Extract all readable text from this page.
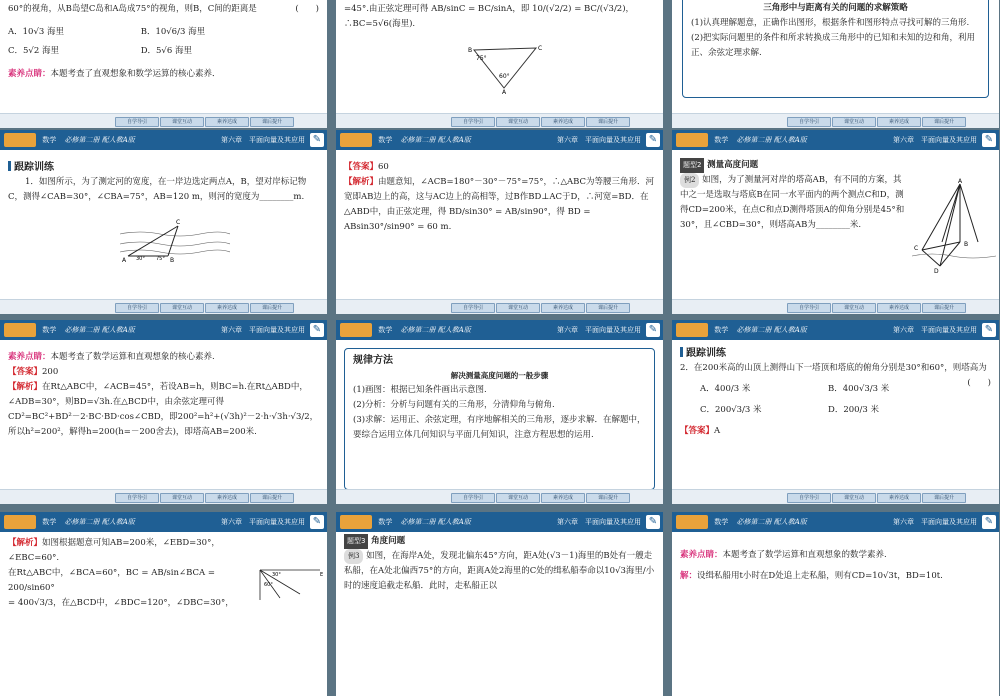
60°的视角，从B岛望C岛和A岛成75°的视角，则B，C间的距离是	(　　)
A．10√3 海里	B．10√6/3 海里
C．5√2 海里	D．5√6 海里
素养点睛：本题考查了直观想象和数学运算的核心素养．
自学导引	课堂互动	素养达成	课后提升
=45°.由正弦定理可得 AB/sinC = BC/sinA，即 10/(√2/2) = BC/(√3/2)，∴BC=5√6(海里).
B	C
A
75°
60°
自学导引	课堂互动	素养达成	课后提升
三角形中与距离有关的问题的求解策略
(1)认真理解题意，正确作出图形，根据条件和图形特点寻找可解的三角形.
(2)把实际问题里的条件和所求转换成三角形中的已知和未知的边和角，利用正、余弦定理求解.
自学导引	课堂互动	素养达成	课后提升
数学 必修第二册 配人教A版	第六章　平面向量及其应用 ✎
跟踪训练
1．如图所示，为了测定河的宽度，在一岸边选定两点A，B，望对岸标记物C，测得∠CAB=30°，∠CBA=75°，AB=120 m，则河的宽度为________m.
A	B
C
30° 75°
自学导引	课堂互动	素养达成	课后提升
数学 必修第二册 配人教A版	第六章　平面向量及其应用 ✎
【答案】60
【解析】由题意知，∠ACB=180°－30°－75°=75°，∴△ABC为等腰三角形．河宽即AB边上的高，这与AC边上的高相等，过B作BD⊥AC于D，∴河宽=BD．在△ABD中，由正弦定理，得 BD/sin30° = AB/sin90°，得 BD = ABsin30°/sin90° = 60 m.
自学导引	课堂互动	素养达成	课后提升
数学 必修第二册 配人教A版	第六章　平面向量及其应用 ✎
题型2 测量高度问题
例2 如图，为了测量河对岸的塔高AB，有不同的方案，其中之一是选取与塔底B在同一水平面内的两个测点C和D，测得CD=200米，在点C和点D测得塔顶A的仰角分别是45°和30°，且∠CBD=30°，则塔高AB为________米.
A
B
C
D
自学导引	课堂互动	素养达成	课后提升
数学 必修第二册 配人教A版	第六章　平面向量及其应用 ✎
素养点睛：本题考查了数学运算和直观想象的核心素养.
【答案】200
【解析】在Rt△ABC中，∠ACB=45°，若设AB=h，则BC=h.在Rt△ABD中，∠ADB=30°，则BD=√3h.在△BCD中，由余弦定理可得
CD²=BC²+BD²－2·BC·BD·cos∠CBD，即200²=h²+(√3h)²－2·h·√3h·√3/2，
所以h²=200²，解得h=200(h=－200舍去)，即塔高AB=200米.
自学导引	课堂互动	素养达成	课后提升
数学 必修第二册 配人教A版	第六章　平面向量及其应用 ✎
规律方法
解决测量高度问题的一般步骤
(1)画图：根据已知条件画出示意图.
(2)分析：分析与问题有关的三角形，分清仰角与俯角.
(3)求解：运用正、余弦定理，有序地解相关的三角形，逐步求解．在解题中，要综合运用立体几何知识与平面几何知识，注意方程思想的运用.
自学导引	课堂互动	素养达成	课后提升
数学 必修第二册 配人教A版	第六章　平面向量及其应用 ✎
跟踪训练
2．在200米高的山顶上测得山下一塔顶和塔底的俯角分别是30°和60°，则塔高为
(　　)
A．400/3 米	B．400√3/3 米
C．200√3/3 米	D．200/3 米
【答案】A
自学导引	课堂互动	素养达成	课后提升
数学 必修第二册 配人教A版	第六章　平面向量及其应用 ✎
【解析】如图根据题意可知AB=200米，∠EBD=30°，∠EBC=60°.
在Rt△ABC中，∠BCA=60°，BC = AB/sin∠BCA = 200/sin60°
= 400√3/3，在△BCD中，∠BDC=120°，∠DBC=30°，
30°
60°
E
数学 必修第二册 配人教A版	第六章　平面向量及其应用 ✎
题型3 角度问题
例3 如图，在海岸A处，发现北偏东45°方向，距A处(√3－1)海里的B处有一艘走私船，在A处北偏西75°的方向，距离A处2海里的C处的缉私船奉命以10√3海里/小时的速度追截走私船．此时，走私船正以
数学 必修第二册 配人教A版	第六章　平面向量及其应用 ✎
素养点睛：本题考查了数学运算和直观想象的数学素养.
解：设缉私船用t小时在D处追上走私船，则有CD=10√3t，BD=10t.
